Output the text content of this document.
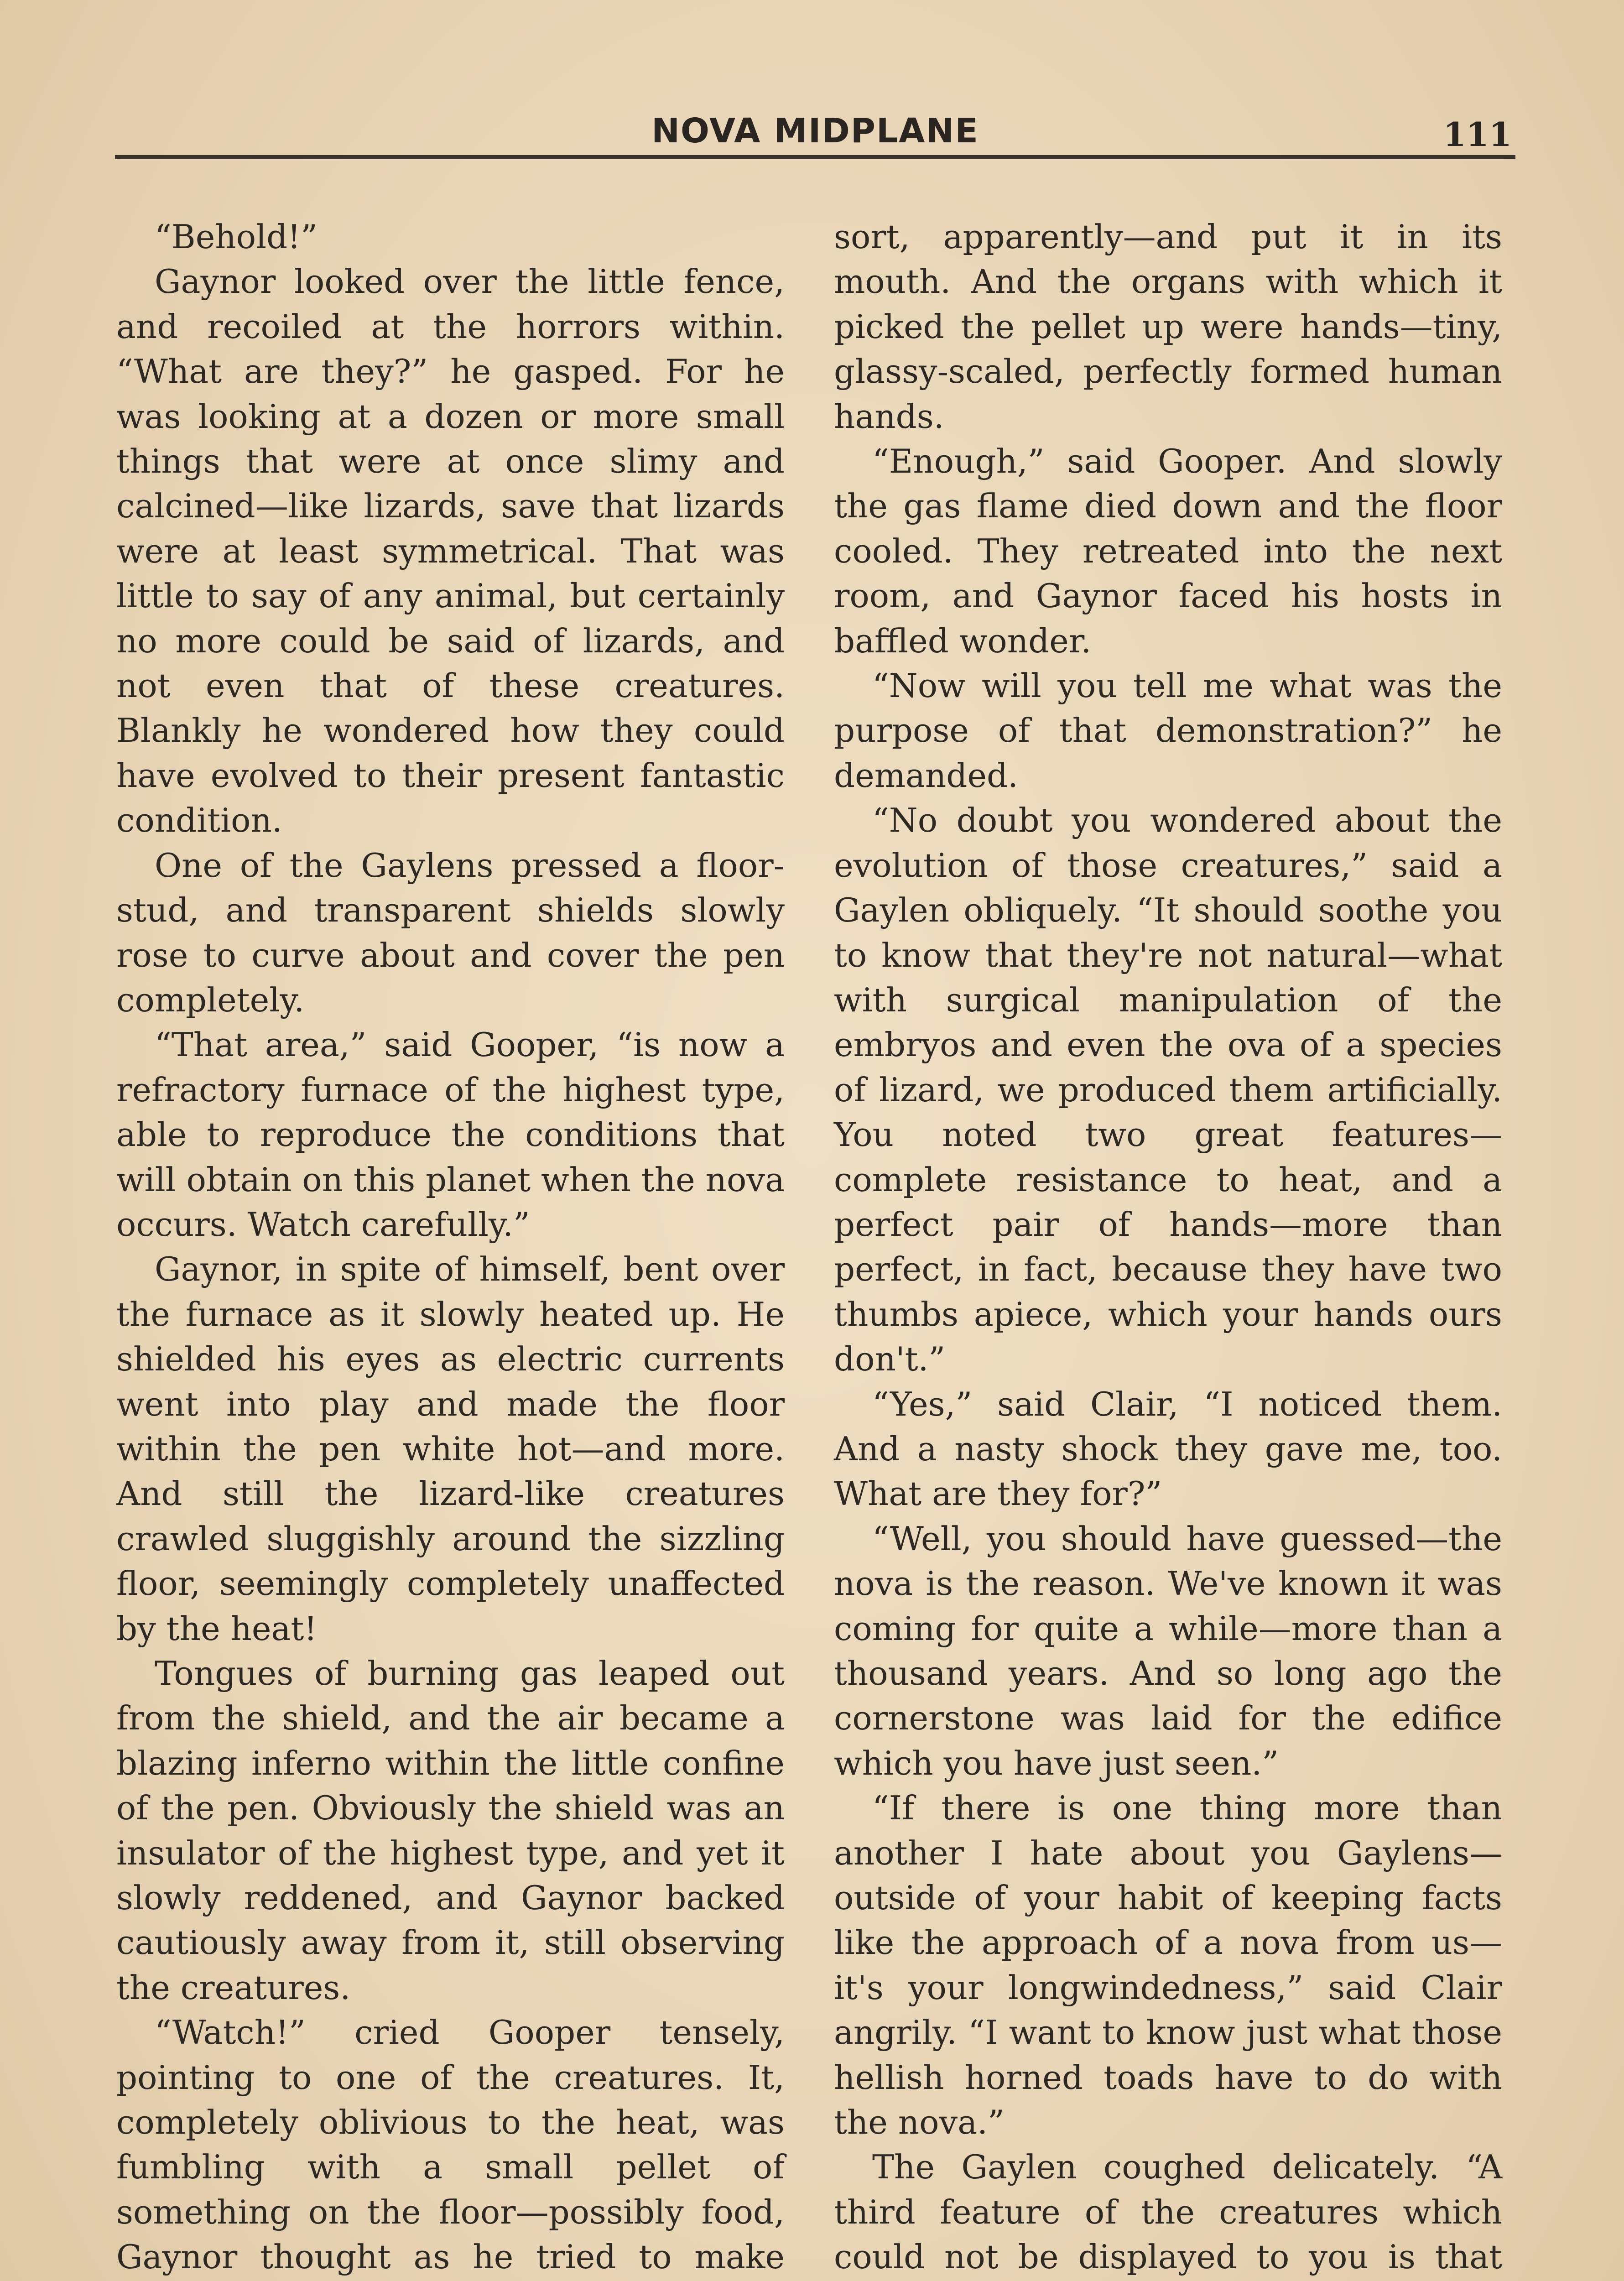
NOVA MIDPLANE	111

“Behold!”

Gaynor looked over the little fence, and recoiled at the horrors within. “What are they?” he gasped. For he was looking at a dozen or more small things that were at once slimy and calcined—like lizards, save that lizards were at least symmetrical. That was little to say of any animal, but certainly no more could be said of lizards, and not even that of these creatures. Blankly he wondered how they could have evolved to their present fantastic condition.

One of the Gaylens pressed a floor-stud, and transparent shields slowly rose to curve about and cover the pen completely.

“That area,” said Gooper, “is now a refractory furnace of the highest type, able to reproduce the conditions that will obtain on this planet when the nova occurs. Watch carefully.”

Gaynor, in spite of himself, bent over the furnace as it slowly heated up. He shielded his eyes as electric currents went into play and made the floor within the pen white hot—and more. And still the lizard-like creatures crawled sluggishly around the sizzling floor, seemingly completely unaffected by the heat!

Tongues of burning gas leaped out from the shield, and the air became a blazing inferno within the little confine of the pen. Obviously the shield was an insulator of the highest type, and yet it slowly reddened, and Gaynor backed cautiously away from it, still observing the creatures.

“Watch!” cried Gooper tensely, pointing to one of the creatures. It, completely oblivious to the heat, was fumbling with a small pellet of something on the floor—possibly food, Gaynor thought as he tried to make

sort, apparently—and put it in its mouth. And the organs with which it picked the pellet up were hands—tiny, glassy-scaled, perfectly formed human hands.

“Enough,” said Gooper. And slowly the gas flame died down and the floor cooled. They retreated into the next room, and Gaynor faced his hosts in baffled wonder.

“Now will you tell me what was the purpose of that demonstration?” he demanded.

“No doubt you wondered about the evolution of those creatures,” said a Gaylen obliquely. “It should soothe you to know that they're not natural—what with surgical manipulation of the embryos and even the ova of a species of lizard, we produced them artificially. You noted two great features—complete resistance to heat, and a perfect pair of hands—more than perfect, in fact, because they have two thumbs apiece, which your hands ours don't.”

“Yes,” said Clair, “I noticed them. And a nasty shock they gave me, too. What are they for?”

“Well, you should have guessed—the nova is the reason. We've known it was coming for quite a while—more than a thousand years. And so long ago the cornerstone was laid for the edifice which you have just seen.”

“If there is one thing more than another I hate about you Gaylens—outside of your habit of keeping facts like the approach of a nova from us—it's your longwindedness,” said Clair angrily. “I want to know just what those hellish horned toads have to do with the nova.”

The Gaylen coughed delicately. “A third feature of the creatures which could not be displayed to you is that
